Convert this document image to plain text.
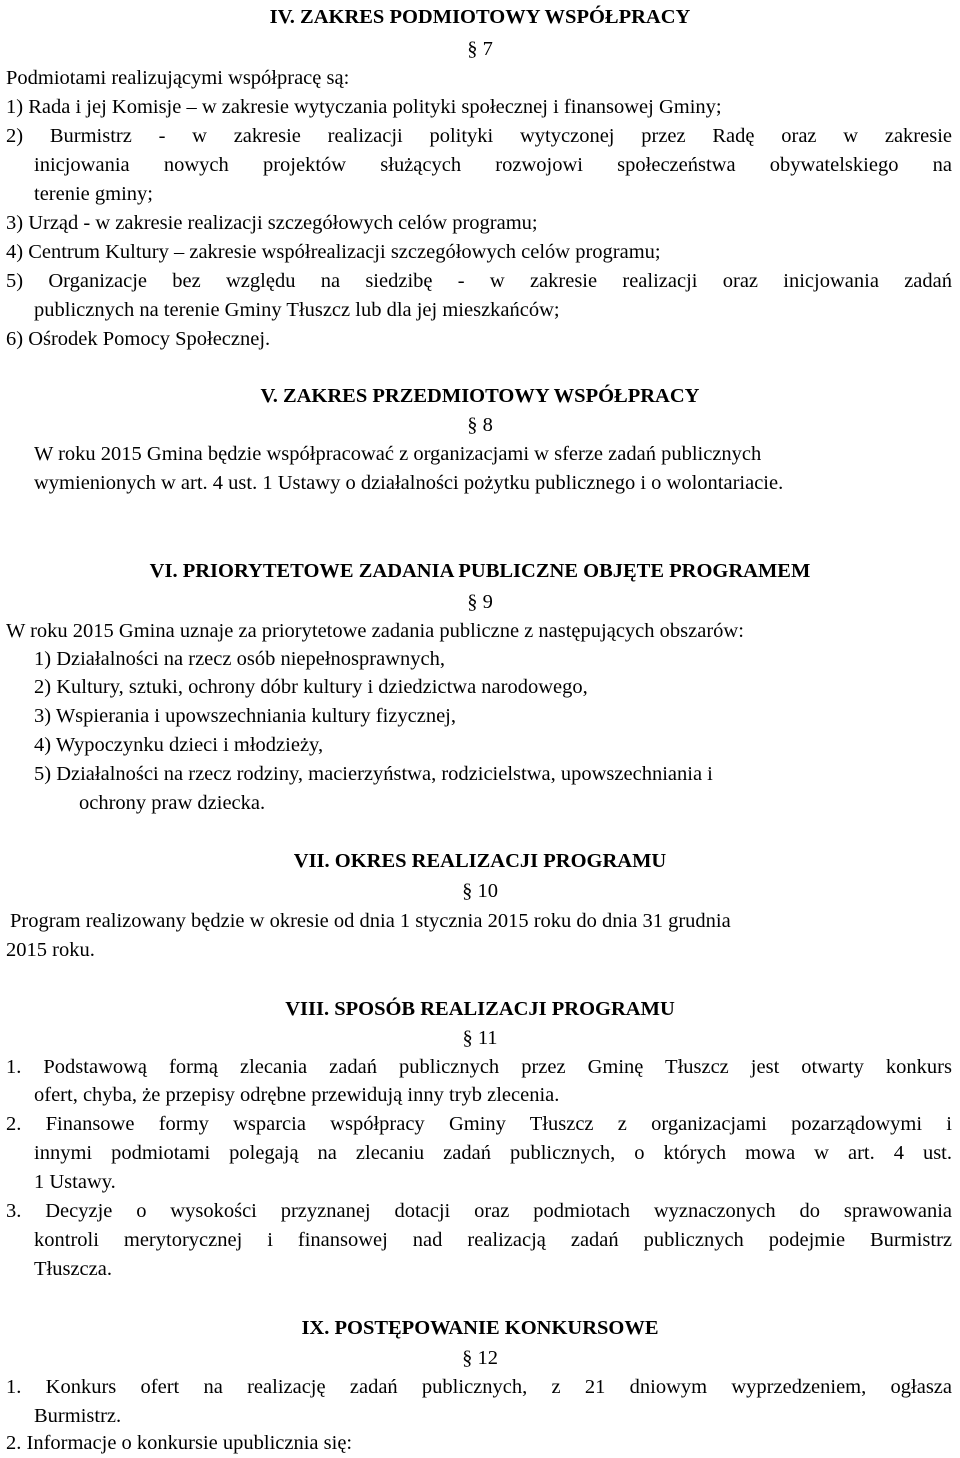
IV. ZAKRES PODMIOTOWY WSPÓŁPRACY
§ 7
Podmiotami realizującymi współpracę są:
1) Rada i jej Komisje – w zakresie wytyczania polityki społecznej i finansowej Gminy;
2) Burmistrz - w zakresie realizacji polityki wytyczonej przez Radę oraz w zakresie
inicjowania nowych projektów służących rozwojowi społeczeństwa obywatelskiego na
terenie gminy;
3) Urząd - w zakresie realizacji szczegółowych celów programu;
4) Centrum Kultury – zakresie współrealizacji szczegółowych celów programu;
5) Organizacje bez względu na siedzibę - w zakresie realizacji oraz inicjowania zadań
publicznych na terenie Gminy Tłuszcz lub dla jej mieszkańców;
6) Ośrodek Pomocy Społecznej.
V. ZAKRES PRZEDMIOTOWY WSPÓŁPRACY
§ 8
W roku 2015 Gmina będzie współpracować z organizacjami w sferze zadań publicznych
wymienionych w art. 4 ust. 1 Ustawy o działalności pożytku publicznego i o wolontariacie.
VI. PRIORYTETOWE ZADANIA PUBLICZNE OBJĘTE PROGRAMEM
§ 9
W roku 2015 Gmina uznaje za priorytetowe zadania publiczne z następujących obszarów:
1) Działalności na rzecz osób niepełnosprawnych,
2) Kultury, sztuki, ochrony dóbr kultury i dziedzictwa narodowego,
3) Wspierania i upowszechniania kultury fizycznej,
4) Wypoczynku dzieci i młodzieży,
5) Działalności na rzecz rodziny, macierzyństwa, rodzicielstwa, upowszechniania i
ochrony praw dziecka.
VII. OKRES REALIZACJI PROGRAMU
§ 10
Program realizowany będzie w okresie od dnia 1 stycznia 2015 roku do dnia 31 grudnia
2015 roku.
VIII. SPOSÓB REALIZACJI PROGRAMU
§ 11
1. Podstawową formą zlecania zadań publicznych przez Gminę Tłuszcz jest otwarty konkurs
ofert, chyba, że przepisy odrębne przewidują inny tryb zlecenia.
2. Finansowe formy wsparcia współpracy Gminy Tłuszcz z organizacjami pozarządowymi i
innymi podmiotami polegają na zlecaniu zadań publicznych, o których mowa w art. 4 ust.
1 Ustawy.
3. Decyzje o wysokości przyznanej dotacji oraz podmiotach wyznaczonych do sprawowania
kontroli merytorycznej i finansowej nad realizacją zadań publicznych podejmie Burmistrz
Tłuszcza.
IX. POSTĘPOWANIE KONKURSOWE
§ 12
1. Konkurs ofert na realizację zadań publicznych, z 21 dniowym wyprzedzeniem, ogłasza
Burmistrz.
2. Informacje o konkursie upublicznia się:
